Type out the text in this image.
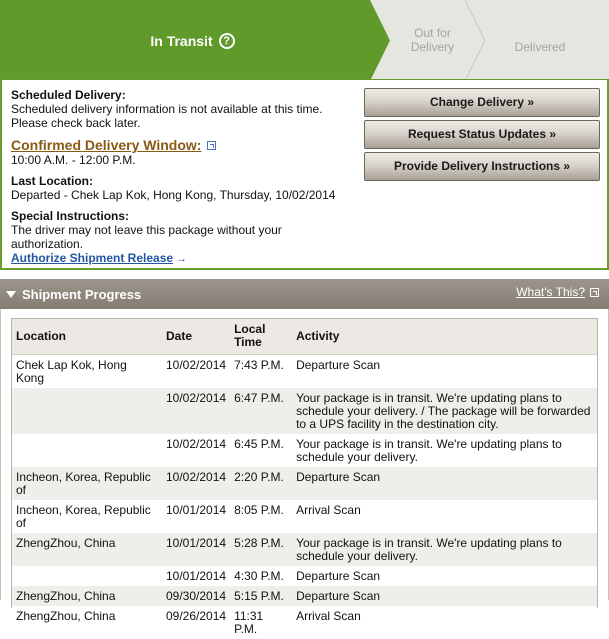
In Transit ?
Out for Delivery	Delivered
Scheduled Delivery:
Scheduled delivery information is not available at this time. Please check back later.
Confirmed Delivery Window:
10:00 A.M. - 12:00 P.M.
Last Location:
Departed - Chek Lap Kok, Hong Kong, Thursday, 10/02/2014
Special Instructions:
The driver may not leave this package without your authorization.
Authorize Shipment Release →
Change Delivery »
Request Status Updates »
Provide Delivery Instructions »
Shipment Progress	What's This?
Location	Date	Local Time	Activity
Chek Lap Kok, Hong Kong	10/02/2014	7:43 P.M.	Departure Scan
	10/02/2014	6:47 P.M.	Your package is in transit. We're updating plans to schedule your delivery. / The package will be forwarded to a UPS facility in the destination city.
	10/02/2014	6:45 P.M.	Your package is in transit. We're updating plans to schedule your delivery.
Incheon, Korea, Republic of	10/02/2014	2:20 P.M.	Departure Scan
Incheon, Korea, Republic of	10/01/2014	8:05 P.M.	Arrival Scan
ZhengZhou, China	10/01/2014	5:28 P.M.	Your package is in transit. We're updating plans to schedule your delivery.
	10/01/2014	4:30 P.M.	Departure Scan
ZhengZhou, China	09/30/2014	5:15 P.M.	Departure Scan
ZhengZhou, China	09/26/2014	11:31 P.M.	Arrival Scan
